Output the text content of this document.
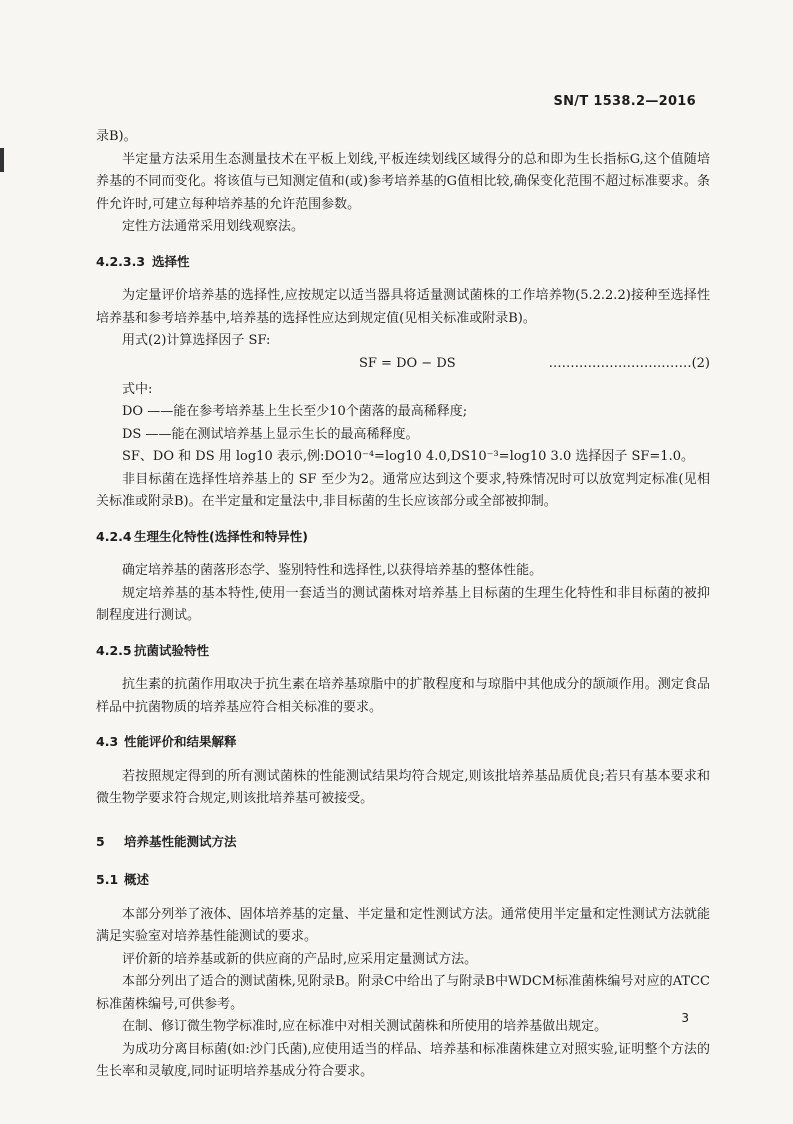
SN/T 1538.2—2016

录B)。

半定量方法采用生态测量技术在平板上划线,平板连续划线区域得分的总和即为生长指标G,这个值随培养基的不同而变化。将该值与已知测定值和(或)参考培养基的G值相比较,确保变化范围不超过标准要求。条件允许时,可建立每种培养基的允许范围参数。

定性方法通常采用划线观察法。

4.2.3.3 选择性

为定量评价培养基的选择性,应按规定以适当器具将适量测试菌株的工作培养物(5.2.2.2)接种至选择性培养基和参考培养基中,培养基的选择性应达到规定值(见相关标准或附录B)。

用式(2)计算选择因子 SF:

SF = DO − DS	……………………………(2)

式中:

DO ——能在参考培养基上生长至少10个菌落的最高稀释度;

DS ——能在测试培养基上显示生长的最高稀释度。

SF、DO 和 DS 用 log10 表示,例:DO10⁻⁴=log10 4.0,DS10⁻³=log10 3.0 选择因子 SF=1.0。

非目标菌在选择性培养基上的 SF 至少为2。通常应达到这个要求,特殊情况时可以放宽判定标准(见相关标准或附录B)。在半定量和定量法中,非目标菌的生长应该部分或全部被抑制。

4.2.4 生理生化特性(选择性和特异性)

确定培养基的菌落形态学、鉴别特性和选择性,以获得培养基的整体性能。

规定培养基的基本特性,使用一套适当的测试菌株对培养基上目标菌的生理生化特性和非目标菌的被抑制程度进行测试。

4.2.5 抗菌试验特性

抗生素的抗菌作用取决于抗生素在培养基琼脂中的扩散程度和与琼脂中其他成分的颉颃作用。测定食品样品中抗菌物质的培养基应符合相关标准的要求。

4.3 性能评价和结果解释

若按照规定得到的所有测试菌株的性能测试结果均符合规定,则该批培养基品质优良;若只有基本要求和微生物学要求符合规定,则该批培养基可被接受。

5 培养基性能测试方法

5.1 概述

本部分列举了液体、固体培养基的定量、半定量和定性测试方法。通常使用半定量和定性测试方法就能满足实验室对培养基性能测试的要求。

评价新的培养基或新的供应商的产品时,应采用定量测试方法。

本部分列出了适合的测试菌株,见附录B。附录C中给出了与附录B中WDCM标准菌株编号对应的ATCC标准菌株编号,可供参考。

在制、修订微生物学标准时,应在标准中对相关测试菌株和所使用的培养基做出规定。

为成功分离目标菌(如:沙门氏菌),应使用适当的样品、培养基和标准菌株建立对照实验,证明整个方法的生长率和灵敏度,同时证明培养基成分符合要求。

3
